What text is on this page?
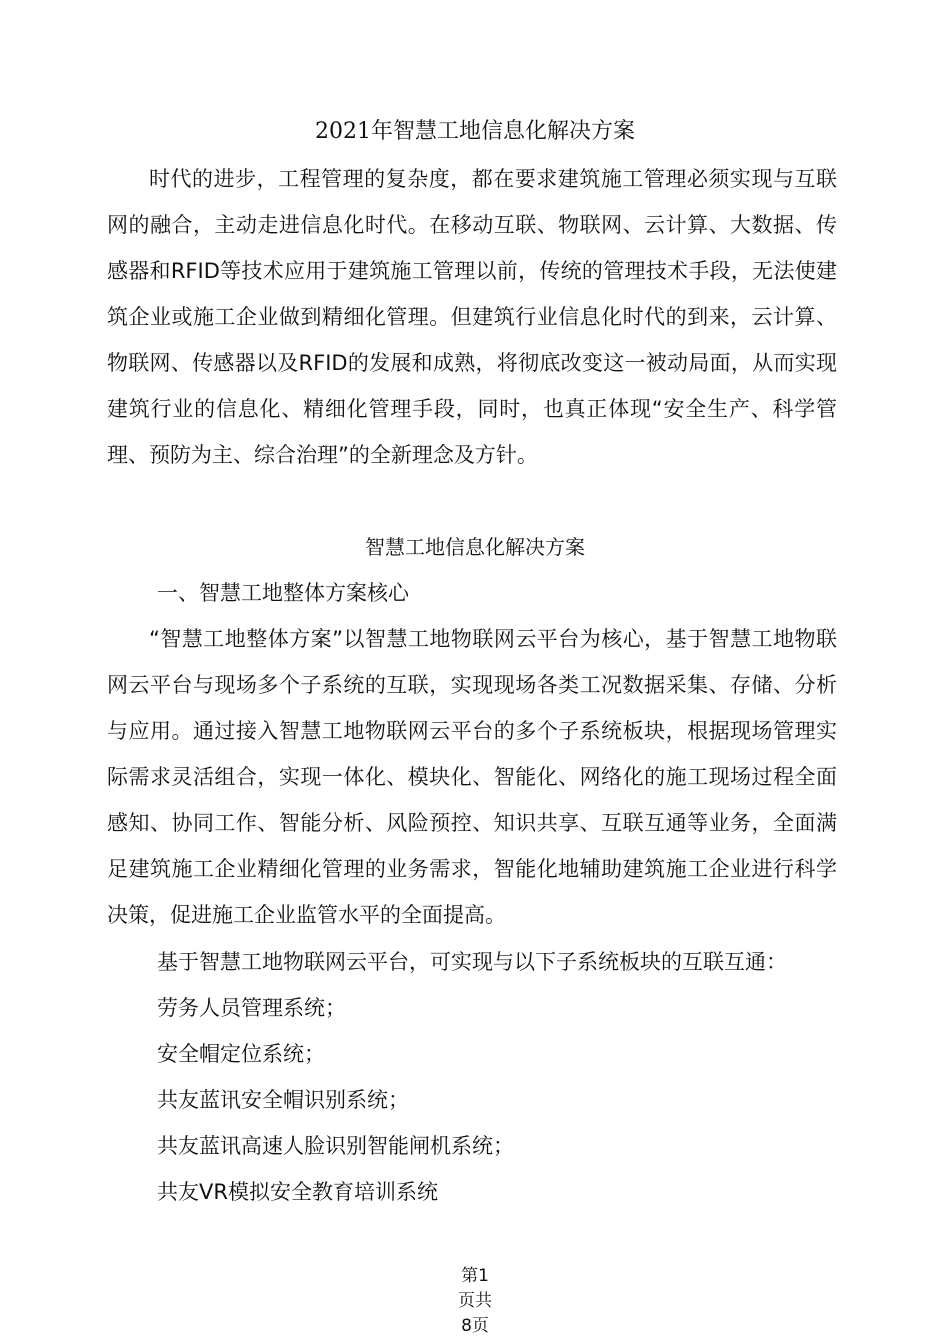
2021年智慧工地信息化解决方案

时代的进步，工程管理的复杂度，都在要求建筑施工管理必须实现与互联网的融合，主动走进信息化时代。在移动互联、物联网、云计算、大数据、传感器和RFID等技术应用于建筑施工管理以前，传统的管理技术手段，无法使建筑企业或施工企业做到精细化管理。但建筑行业信息化时代的到来，云计算、物联网、传感器以及RFID的发展和成熟，将彻底改变这一被动局面，从而实现建筑行业的信息化、精细化管理手段，同时，也真正体现“安全生产、科学管理、预防为主、综合治理”的全新理念及方针。

智慧工地信息化解决方案
一、智慧工地整体方案核心

“智慧工地整体方案”以智慧工地物联网云平台为核心，基于智慧工地物联网云平台与现场多个子系统的互联，实现现场各类工况数据采集、存储、分析与应用。通过接入智慧工地物联网云平台的多个子系统板块，根据现场管理实际需求灵活组合，实现一体化、模块化、智能化、网络化的施工现场过程全面感知、协同工作、智能分析、风险预控、知识共享、互联互通等业务，全面满足建筑施工企业精细化管理的业务需求，智能化地辅助建筑施工企业进行科学决策，促进施工企业监管水平的全面提高。

基于智慧工地物联网云平台，可实现与以下子系统板块的互联互通：
劳务人员管理系统；
安全帽定位系统；
共友蓝讯安全帽识别系统；
共友蓝讯高速人脸识别智能闸机系统；
共友VR模拟安全教育培训系统
第1
页共
8页
